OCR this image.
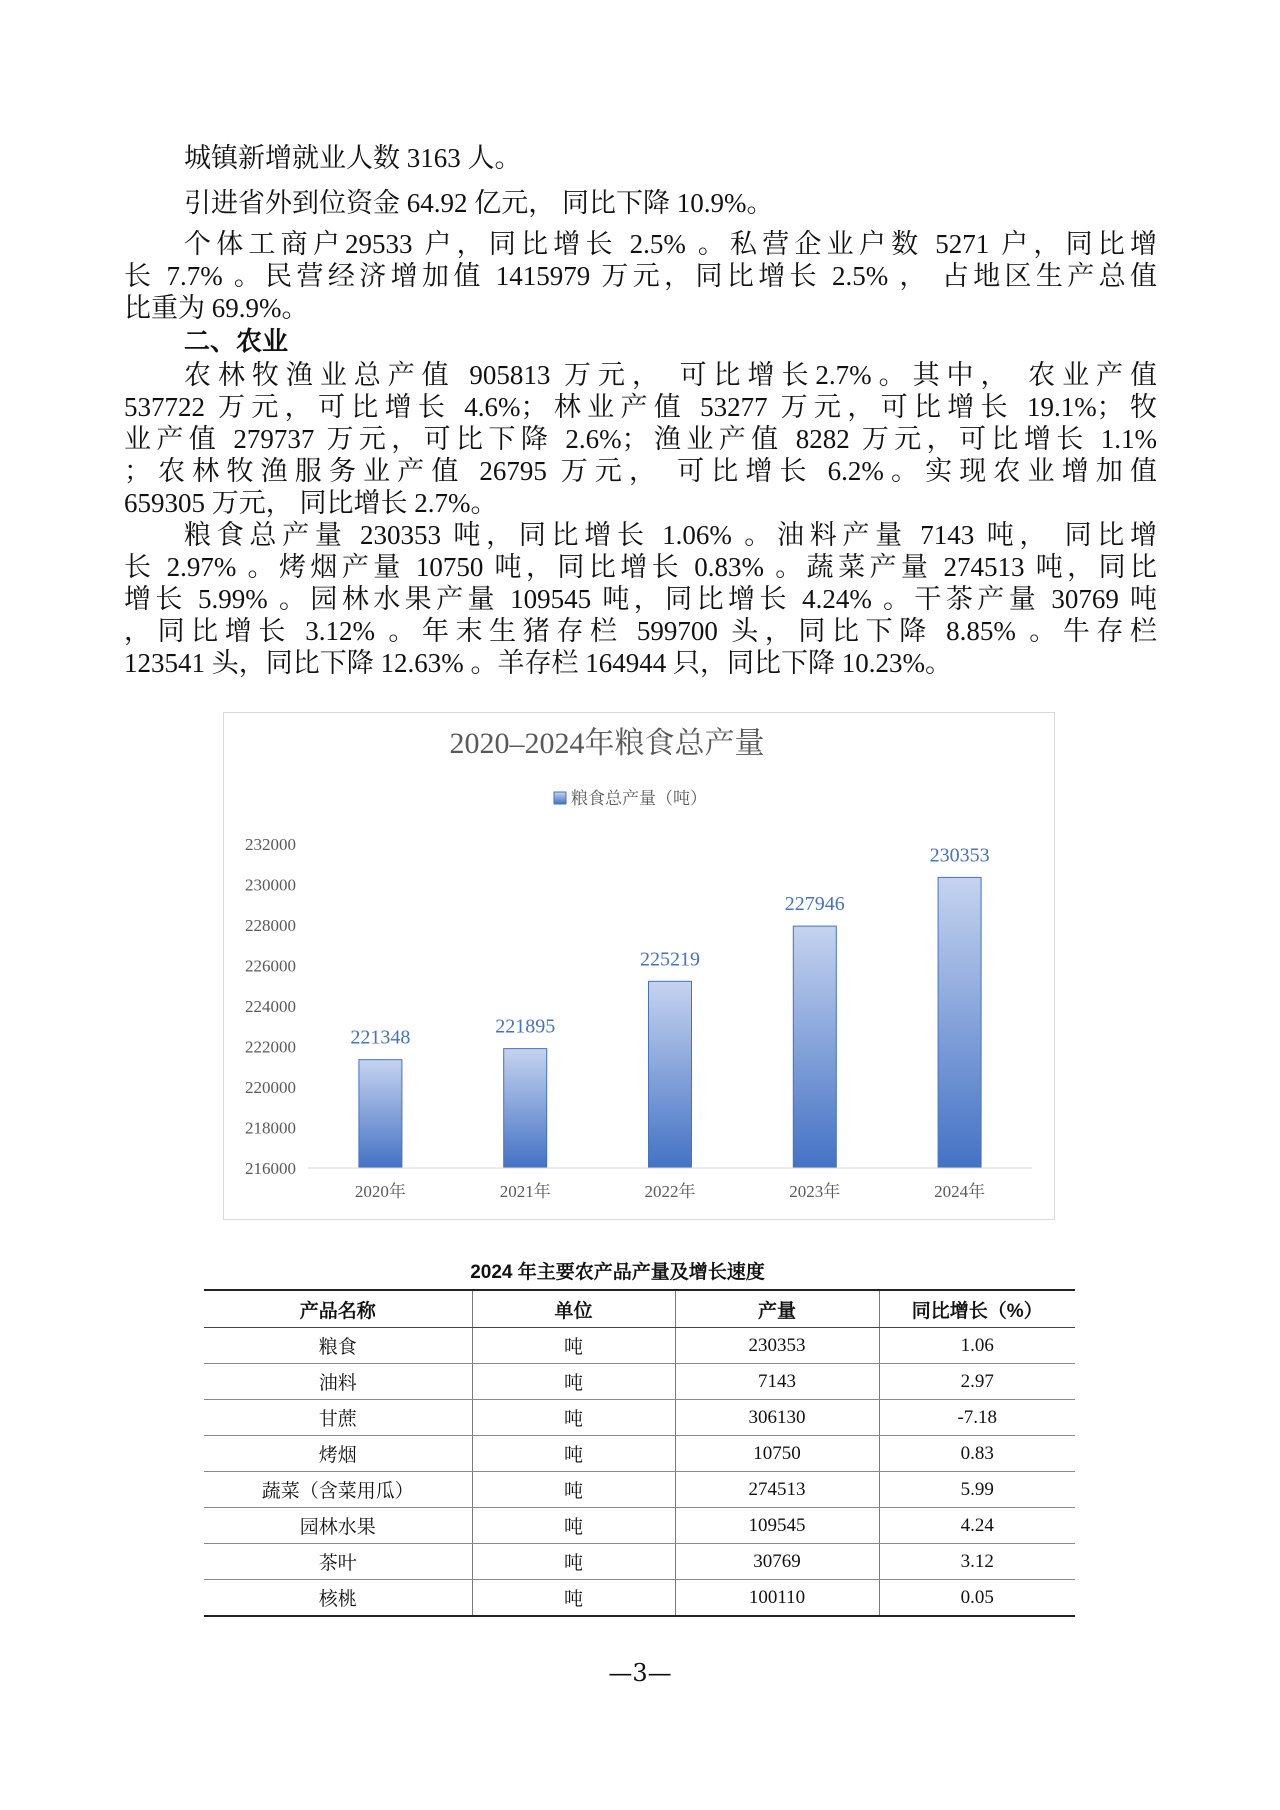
城镇新增就业人数 3163 人。
引进省外到位资金 64.92 亿元， 同比下降 10.9%。
个体工商户29533 户，同比增长 2.5% 。私营企业户数 5271 户，同比增
长 7.7% 。民营经济增加值 1415979 万元，同比增长 2.5% ， 占地区生产总值
比重为 69.9%。
二、农业
农林牧渔业总产值 905813 万元， 可比增长2.7%。其中， 农业产值
537722 万元，可比增长 4.6%；林业产值 53277 万元，可比增长 19.1%；牧
业产值 279737 万元，可比下降 2.6%；渔业产值 8282 万元，可比增长 1.1%
；农林牧渔服务业产值 26795 万元， 可比增长 6.2%。实现农业增加值
659305 万元， 同比增长 2.7%。
粮食总产量 230353 吨，同比增长 1.06% 。油料产量 7143 吨， 同比增
长 2.97% 。烤烟产量 10750 吨，同比增长 0.83% 。蔬菜产量 274513 吨，同比
增长 5.99% 。园林水果产量 109545 吨，同比增长 4.24% 。干茶产量 30769 吨
，同比增长 3.12% 。年末生猪存栏 599700 头，同比下降 8.85% 。牛存栏
123541 头，同比下降 12.63% 。羊存栏 164944 只，同比下降 10.23%。
2020–2024年粮食总产量
粮食总产量（吨）
216000
218000
220000
222000
224000
226000
228000
230000
232000
221348
221895
225219
227946
230353
2020年	2021年	2022年	2023年	2024年
2024 年主要农产品产量及增长速度
产品名称	单位	产量	同比增长（%）
粮食	吨	230353	1.06
油料	吨	7143	2.97
甘蔗	吨	306130	-7.18
烤烟	吨	10750	0.83
蔬菜（含菜用瓜）	吨	274513	5.99
园林水果	吨	109545	4.24
茶叶	吨	30769	3.12
核桃	吨	100110	0.05
—3—
